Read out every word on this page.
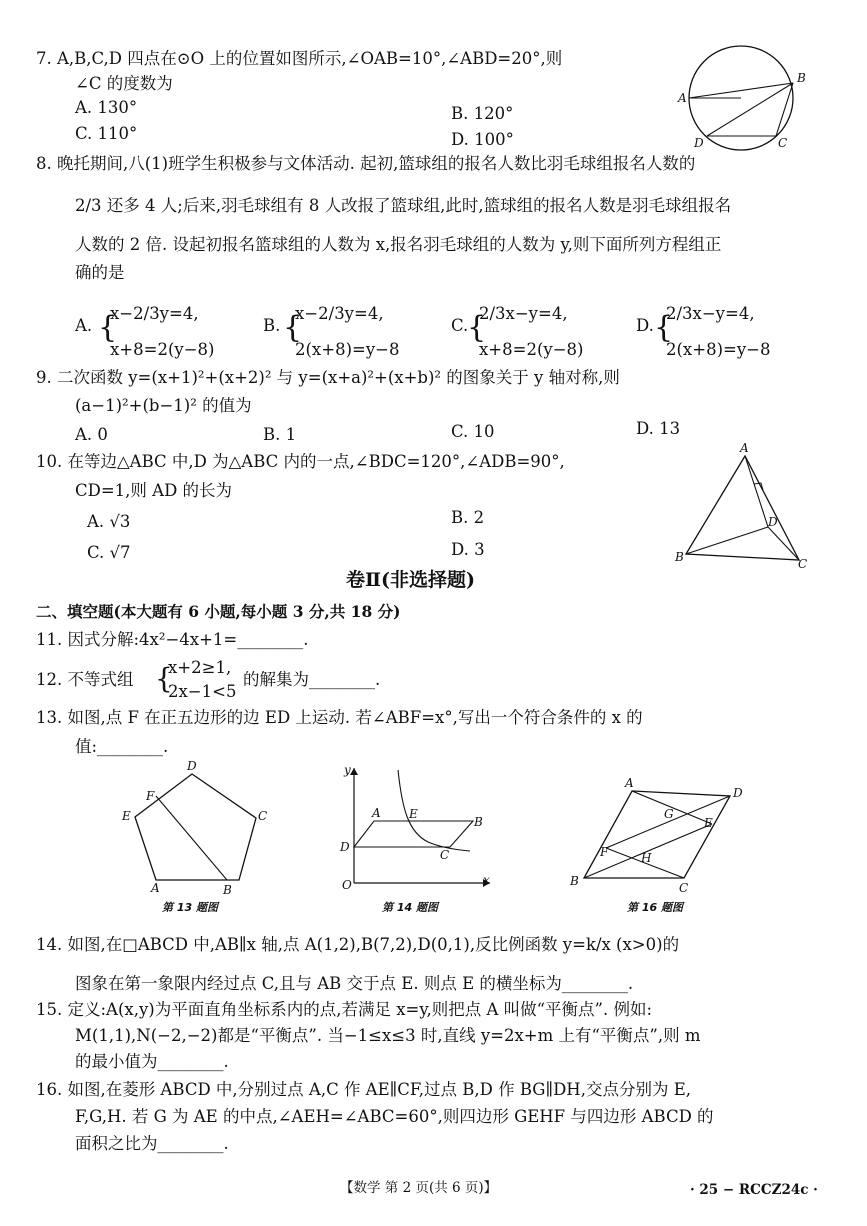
7. A,B,C,D 四点在⊙O 上的位置如图所示,∠OAB=10°,∠ABD=20°,则
∠C 的度数为
A. 130°	B. 120°
C. 110°	D. 100°
A
B
C
D
8. 晚托期间,八(1)班学生积极参与文体活动. 起初,篮球组的报名人数比羽毛球组报名人数的
2/3 还多 4 人;后来,羽毛球组有 8 人改报了篮球组,此时,篮球组的报名人数是羽毛球组报名
人数的 2 倍. 设起初报名篮球组的人数为 x,报名羽毛球组的人数为 y,则下面所列方程组正
确的是
A. {
x−2/3y=4,
x+8=2(y−8)
B. {
x−2/3y=4,
2(x+8)=y−8
C.
{
2/3x−y=4,
x+8=2(y−8)
D. {
2/3x−y=4,
2(x+8)=y−8
9. 二次函数 y=(x+1)²+(x+2)² 与 y=(x+a)²+(x+b)² 的图象关于 y 轴对称,则
(a−1)²+(b−1)² 的值为
A. 0	B. 1	C. 10	D. 13
10. 在等边△ABC 中,D 为△ABC 内的一点,∠BDC=120°,∠ADB=90°,
CD=1,则 AD 的长为
A. √3	B. 2
C. √7	D. 3
A
B	C
D
卷Ⅱ(非选择题)
二、填空题(本大题有 6 小题,每小题 3 分,共 18 分)
11. 因式分解:4x²−4x+1=________.
12. 不等式组 {
x+2≥1,
2x−1<5
的解集为________.
13. 如图,点 F 在正五边形的边 ED 上运动. 若∠ABF=x°,写出一个符合条件的 x 的
值:________.
D
C
B
A
E
F
第 13 题图
y
x
O
A
B
C
D
E
第 14 题图
A
B	C
D
E
F
G
H
第 16 题图
14. 如图,在□ABCD 中,AB∥x 轴,点 A(1,2),B(7,2),D(0,1),反比例函数 y=k/x (x>0)的
图象在第一象限内经过点 C,且与 AB 交于点 E. 则点 E 的横坐标为________.
15. 定义:A(x,y)为平面直角坐标系内的点,若满足 x=y,则把点 A 叫做“平衡点”. 例如:
M(1,1),N(−2,−2)都是“平衡点”. 当−1≤x≤3 时,直线 y=2x+m 上有“平衡点”,则 m
的最小值为________.
16. 如图,在菱形 ABCD 中,分别过点 A,C 作 AE∥CF,过点 B,D 作 BG∥DH,交点分别为 E,
F,G,H. 若 G 为 AE 的中点,∠AEH=∠ABC=60°,则四边形 GEHF 与四边形 ABCD 的
面积之比为________.
【数学 第 2 页(共 6 页)】	· 25 − RCCZ24c ·
